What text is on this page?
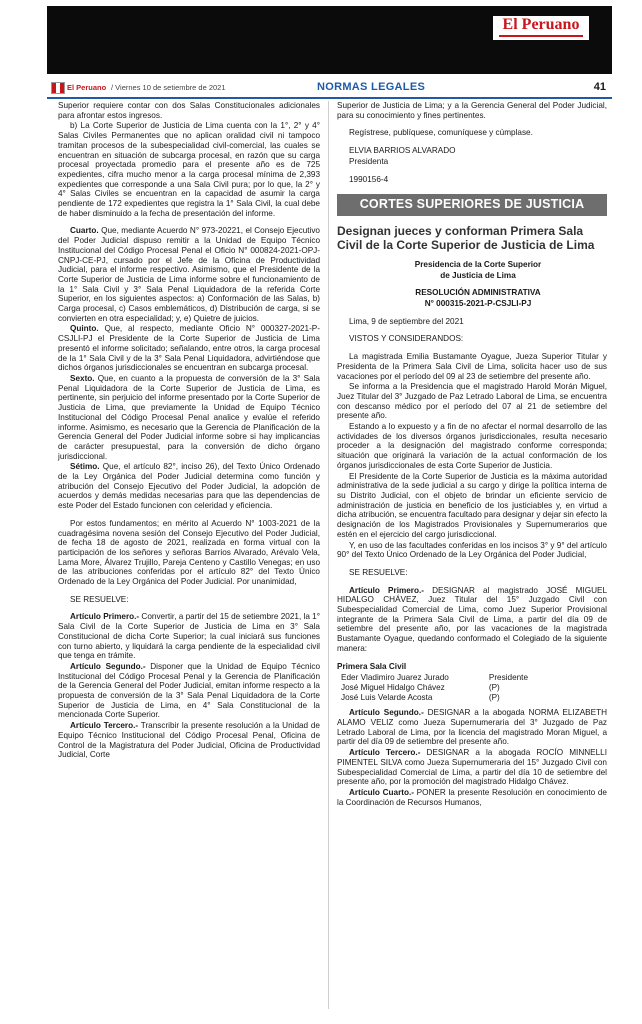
El Peruano
El Peruano / Viernes 10 de setiembre de 2021	NORMAS LEGALES	41

Superior requiere contar con dos Salas Constitucionales adicionales para afrontar estos ingresos.

b) La Corte Superior de Justicia de Lima cuenta con la 1°, 2° y 4° Salas Civiles Permanentes que no aplican oralidad civil ni tampoco tramitan procesos de la subespecialidad civil-comercial, las cuales se encuentran en situación de subcarga procesal, en razón que su carga procesal proyectada promedio para el presente año es de 725 expedientes, cifra mucho menor a la carga procesal mínima de 2,393 expedientes que corresponde a una Sala Civil pura; por lo que, la 2° y 4° Salas Civiles se encuentran en la capacidad de asumir la carga pendiente de 172 expedientes que registra la 1° Sala Civil, la cual debe de haber disminuido a la fecha de presentación del informe.

Cuarto. Que, mediante Acuerdo N° 973-20221, el Consejo Ejecutivo del Poder Judicial dispuso remitir a la Unidad de Equipo Técnico Institucional del Código Procesal Penal el Oficio N° 000824-2021-OPJ-CNPJ-CE-PJ, cursado por el Jefe de la Oficina de Productividad Judicial, para el informe respectivo. Asimismo, que el Presidente de la Corte Superior de Justicia de Lima informe sobre el funcionamiento de la 1° Sala Civil y 3° Sala Penal Liquidadora de la referida Corte Superior, en los siguientes aspectos: a) Conformación de las Salas, b) Carga procesal, c) Casos emblemáticos, d) Distribución de carga, si se convierten en otra especialidad; y, e) Quietre de juicios.

Quinto. Que, al respecto, mediante Oficio N° 000327-2021-P-CSJLI-PJ el Presidente de la Corte Superior de Justicia de Lima presentó el informe solicitado; señalando, entre otros, la carga procesal de la 1° Sala Civil y de la 3° Sala Penal Liquidadora, advirtiéndose que dichos órganos jurisdiccionales se encuentran en subcarga procesal.

Sexto. Que, en cuanto a la propuesta de conversión de la 3° Sala Penal Liquidadora de la Corte Superior de Justicia de Lima, es pertinente, sin perjuicio del informe presentado por la Corte Superior de Justicia de Lima, que previamente la Unidad de Equipo Técnico Institucional del Código Procesal Penal analice y evalúe el referido informe. Asimismo, es necesario que la Gerencia de Planificación de la Gerencia General del Poder Judicial informe sobre si hay implicancias de carácter presupuestal, para la conversión de dicho órgano jurisdiccional.

Sétimo. Que, el artículo 82°, inciso 26), del Texto Único Ordenado de la Ley Orgánica del Poder Judicial determina como función y atribución del Consejo Ejecutivo del Poder Judicial, la adopción de acuerdos y demás medidas necesarias para que las dependencias de este Poder del Estado funcionen con celeridad y eficiencia.

Por estos fundamentos; en mérito al Acuerdo N° 1003-2021 de la cuadragésima novena sesión del Consejo Ejecutivo del Poder Judicial, de fecha 18 de agosto de 2021, realizada en forma virtual con la participación de los señores y señoras Barrios Alvarado, Arévalo Vela, Lama More, Álvarez Trujillo, Pareja Centeno y Castillo Venegas; en uso de las atribuciones conferidas por el artículo 82° del Texto Único Ordenado de la Ley Orgánica del Poder Judicial. Por unanimidad,

SE RESUELVE:

Artículo Primero.- Convertir, a partir del 15 de setiembre 2021, la 1° Sala Civil de la Corte Superior de Justicia de Lima en 3° Sala Constitucional de dicha Corte Superior; la cual iniciará sus funciones con turno abierto, y liquidará la carga pendiente de la especialidad civil que tenga en trámite.

Artículo Segundo.- Disponer que la Unidad de Equipo Técnico Institucional del Código Procesal Penal y la Gerencia de Planificación de la Gerencia General del Poder Judicial, emitan informe respecto a la propuesta de conversión de la 3° Sala Penal Liquidadora de la Corte Superior de Justicia de Lima, en 4° Sala Constitucional de la mencionada Corte Superior.

Artículo Tercero.- Transcribir la presente resolución a la Unidad de Equipo Técnico Institucional del Código Procesal Penal, Oficina de Control de la Magistratura del Poder Judicial, Oficina de Productividad Judicial, Corte

Superior de Justicia de Lima; y a la Gerencia General del Poder Judicial, para su conocimiento y fines pertinentes.

Regístrese, publíquese, comuníquese y cúmplase.

ELVIA BARRIOS ALVARADO

Presidenta

1990156-4

CORTES SUPERIORES DE JUSTICIA
Designan jueces y conforman Primera Sala Civil de la Corte Superior de Justicia de Lima

Presidencia de la Corte Superior

de Justicia de Lima

RESOLUCIÓN ADMINISTRATIVA

N° 000315-2021-P-CSJLI-PJ

Lima, 9 de septiembre del 2021

VISTOS Y CONSIDERANDOS:

La magistrada Emilia Bustamante Oyague, Jueza Superior Titular y Presidenta de la Primera Sala Civil de Lima, solicita hacer uso de sus vacaciones por el período del 09 al 23 de setiembre del presente año.

Se informa a la Presidencia que el magistrado Harold Morán Miguel, Juez Titular del 3° Juzgado de Paz Letrado Laboral de Lima, se encuentra con descanso médico por el período del 07 al 21 de setiembre del presente año.

Estando a lo expuesto y a fin de no afectar el normal desarrollo de las actividades de los diversos órganos jurisdiccionales, resulta necesario proceder a la designación del magistrado conforme corresponda; situación que originará la variación de la actual conformación de los órganos jurisdiccionales de esta Corte Superior de Justicia.

El Presidente de la Corte Superior de Justicia es la máxima autoridad administrativa de la sede judicial a su cargo y dirige la política interna de su Distrito Judicial, con el objeto de brindar un eficiente servicio de administración de justicia en beneficio de los justiciables y, en virtud a dicha atribución, se encuentra facultado para designar y dejar sin efecto la designación de los Magistrados Provisionales y Supernumerarios que estén en el ejercicio del cargo jurisdiccional.

Y, en uso de las facultades conferidas en los incisos 3° y 9° del artículo 90° del Texto Único Ordenado de la Ley Orgánica del Poder Judicial,

SE RESUELVE:

Artículo Primero.- DESIGNAR al magistrado JOSÉ MIGUEL HIDALGO CHÁVEZ, Juez Titular del 15° Juzgado Civil con Subespecialidad Comercial de Lima, como Juez Superior Provisional integrante de la Primera Sala Civil de Lima, a partir del día 09 de setiembre del presente año, por las vacaciones de la magistrada Bustamante Oyague, quedando conformado el Colegiado de la siguiente manera:

Primera Sala Civil

Eder Vladimiro Juarez Jurado	Presidente
José Miguel Hidalgo Chávez	(P)
José Luis Velarde Acosta	(P)

Artículo Segundo.- DESIGNAR a la abogada NORMA ELIZABETH ALAMO VELIZ como Jueza Supernumeraria del 3° Juzgado de Paz Letrado Laboral de Lima, por la licencia del magistrado Moran Miguel, a partir del día 09 de setiembre del presente año.

Artículo Tercero.- DESIGNAR a la abogada ROCÍO MINNELLI PIMENTEL SILVA como Jueza Supernumeraria del 15° Juzgado Civil con Subespecialidad Comercial de Lima, a partir del día 10 de setiembre del presente año, por la promoción del magistrado Hidalgo Chávez.

Artículo Cuarto.- PONER la presente Resolución en conocimiento de la Coordinación de Recursos Humanos,
